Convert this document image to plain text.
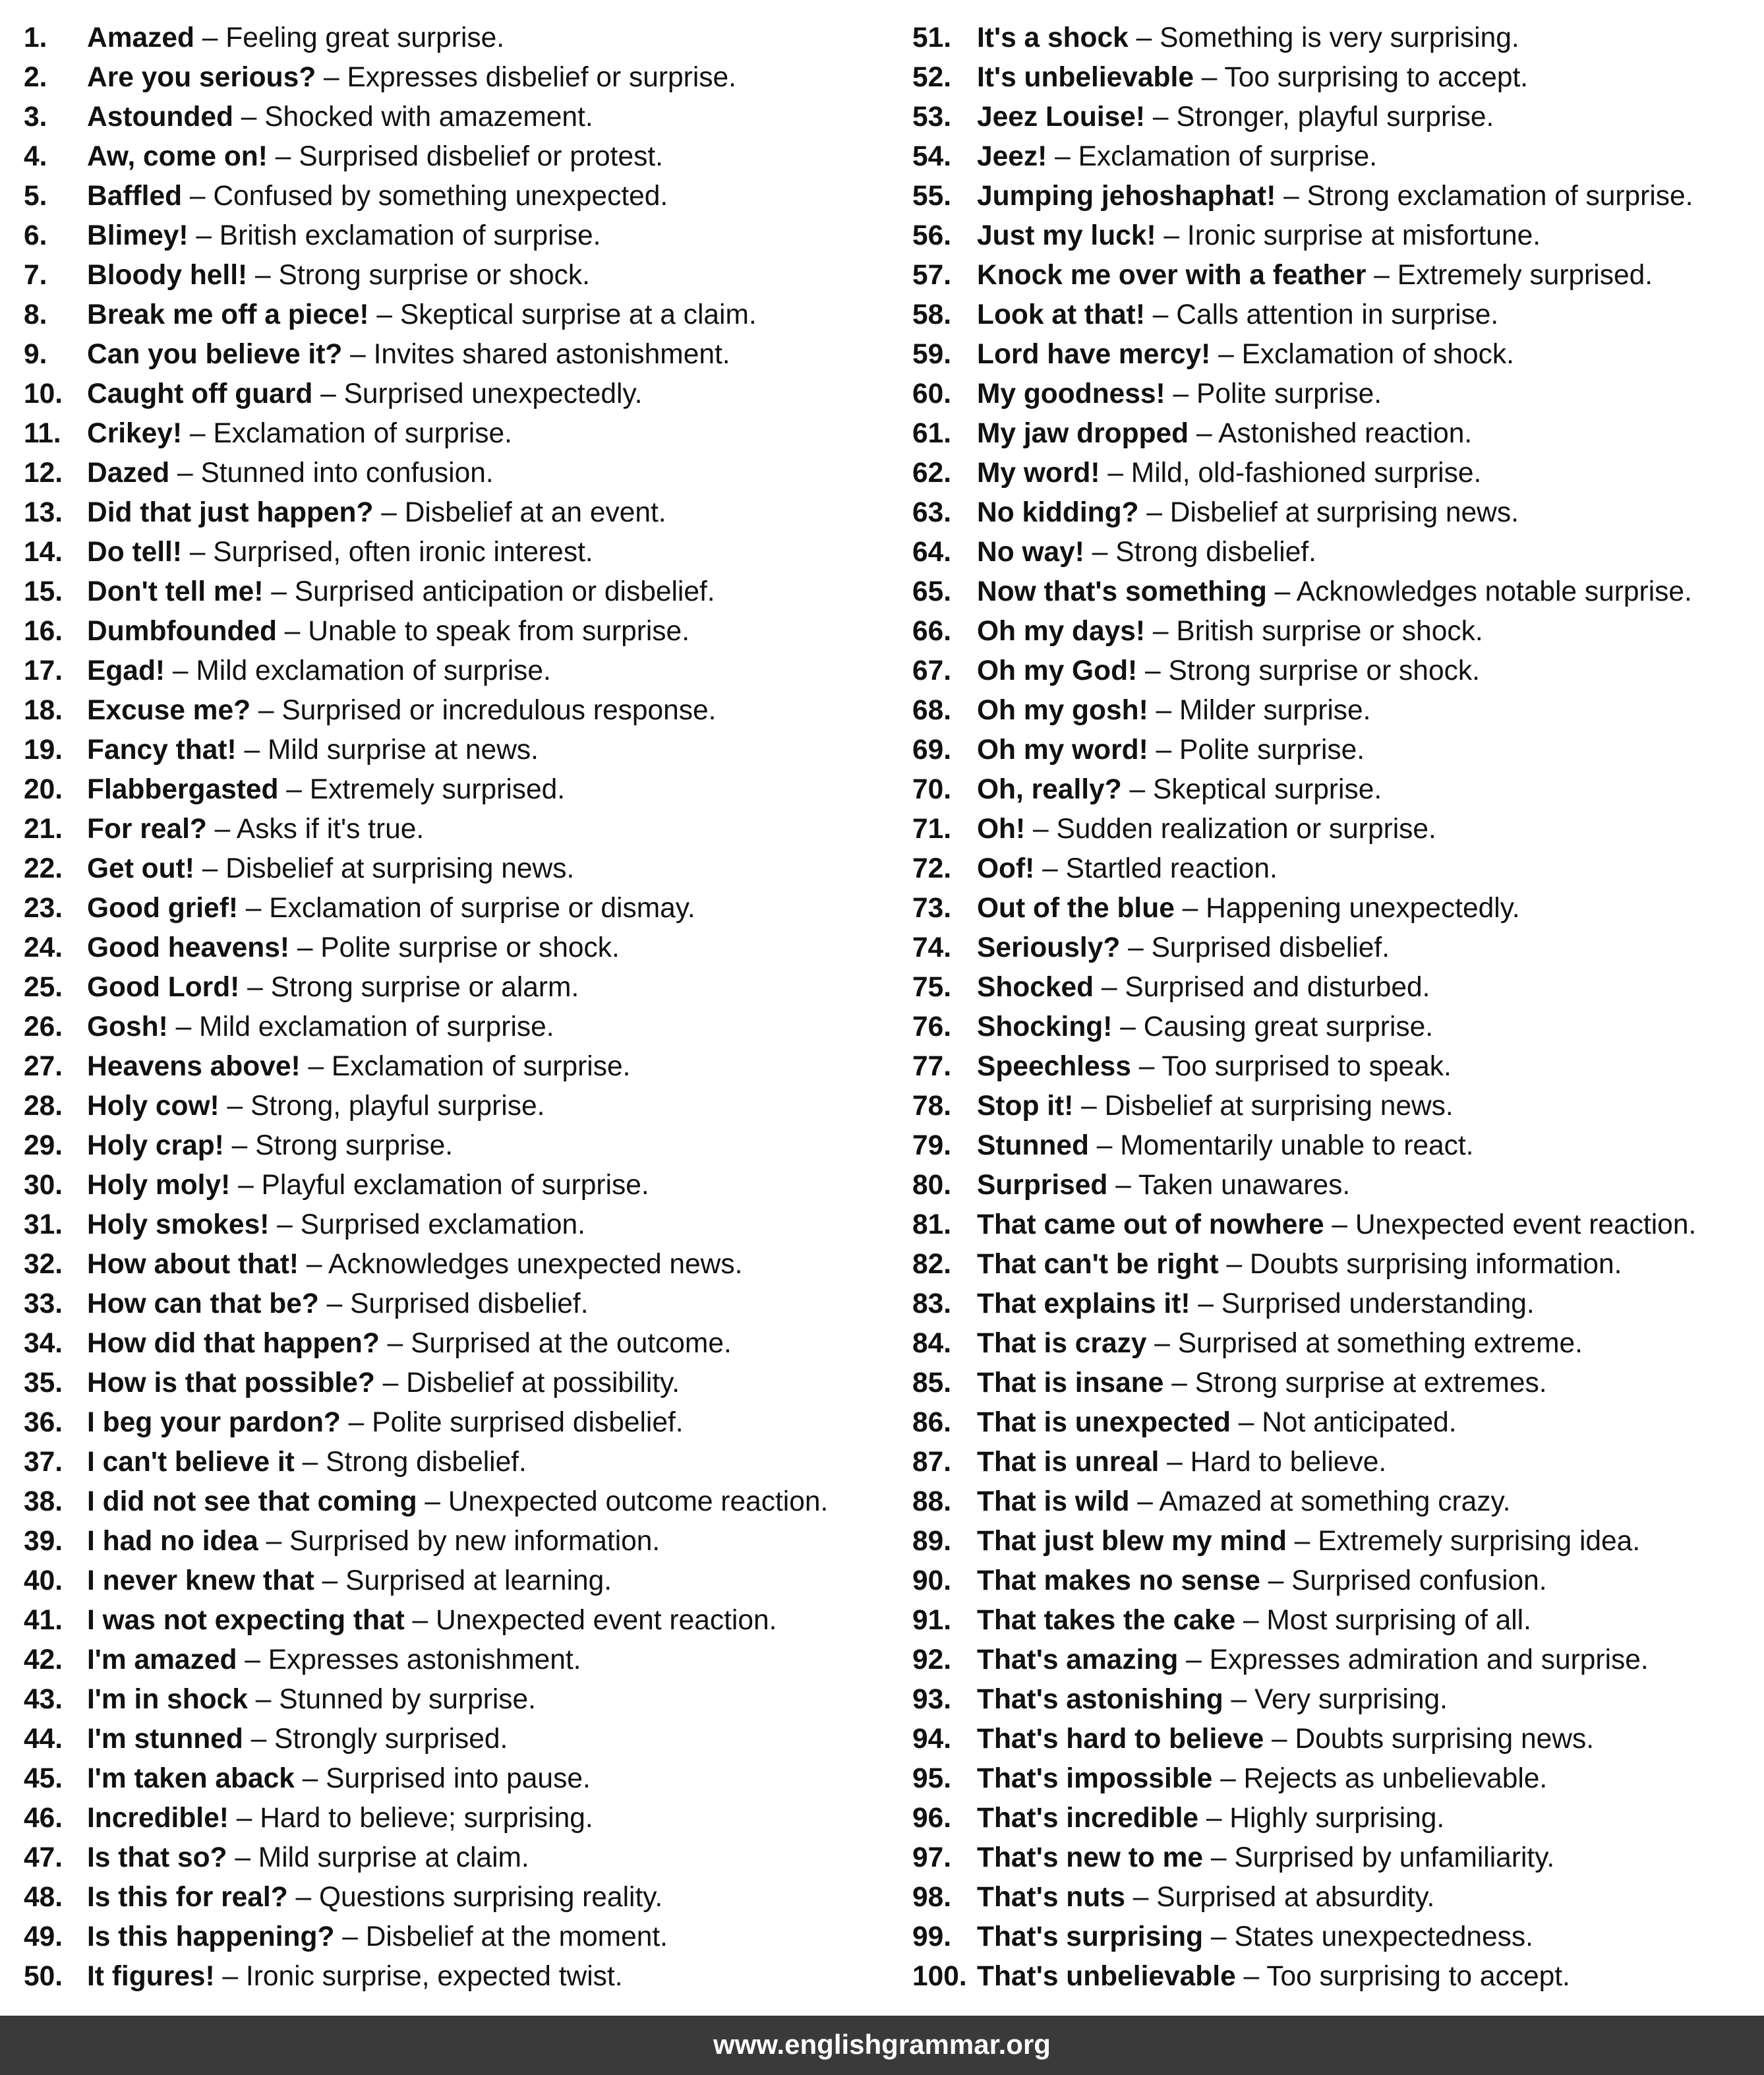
1.	Amazed – Feeling great surprise.
2.	Are you serious? – Expresses disbelief or surprise.
3.	Astounded – Shocked with amazement.
4.	Aw, come on! – Surprised disbelief or protest.
5.	Baffled – Confused by something unexpected.
6.	Blimey! – British exclamation of surprise.
7.	Bloody hell! – Strong surprise or shock.
8.	Break me off a piece! – Skeptical surprise at a claim.
9.	Can you believe it? – Invites shared astonishment.
10. Caught off guard – Surprised unexpectedly.
11. Crikey! – Exclamation of surprise.
12. Dazed – Stunned into confusion.
13. Did that just happen? – Disbelief at an event.
14. Do tell! – Surprised, often ironic interest.
15. Don't tell me! – Surprised anticipation or disbelief.
16. Dumbfounded – Unable to speak from surprise.
17. Egad! – Mild exclamation of surprise.
18. Excuse me? – Surprised or incredulous response.
19. Fancy that! – Mild surprise at news.
20. Flabbergasted – Extremely surprised.
21. For real? – Asks if it's true.
22. Get out! – Disbelief at surprising news.
23. Good grief! – Exclamation of surprise or dismay.
24. Good heavens! – Polite surprise or shock.
25. Good Lord! – Strong surprise or alarm.
26. Gosh! – Mild exclamation of surprise.
27. Heavens above! – Exclamation of surprise.
28. Holy cow! – Strong, playful surprise.
29. Holy crap! – Strong surprise.
30. Holy moly! – Playful exclamation of surprise.
31. Holy smokes! – Surprised exclamation.
32. How about that! – Acknowledges unexpected news.
33. How can that be? – Surprised disbelief.
34. How did that happen? – Surprised at the outcome.
35. How is that possible? – Disbelief at possibility.
36. I beg your pardon? – Polite surprised disbelief.
37. I can't believe it – Strong disbelief.
38. I did not see that coming – Unexpected outcome reaction.
39. I had no idea – Surprised by new information.
40. I never knew that – Surprised at learning.
41. I was not expecting that – Unexpected event reaction.
42. I'm amazed – Expresses astonishment.
43. I'm in shock – Stunned by surprise.
44. I'm stunned – Strongly surprised.
45. I'm taken aback – Surprised into pause.
46. Incredible! – Hard to believe; surprising.
47. Is that so? – Mild surprise at claim.
48. Is this for real? – Questions surprising reality.
49. Is this happening? – Disbelief at the moment.
50. It figures! – Ironic surprise, expected twist.
51. It's a shock – Something is very surprising.
52. It's unbelievable – Too surprising to accept.
53. Jeez Louise! – Stronger, playful surprise.
54. Jeez! – Exclamation of surprise.
55. Jumping jehoshaphat! – Strong exclamation of surprise.
56. Just my luck! – Ironic surprise at misfortune.
57. Knock me over with a feather – Extremely surprised.
58. Look at that! – Calls attention in surprise.
59. Lord have mercy! – Exclamation of shock.
60. My goodness! – Polite surprise.
61. My jaw dropped – Astonished reaction.
62. My word! – Mild, old-fashioned surprise.
63. No kidding? – Disbelief at surprising news.
64. No way! – Strong disbelief.
65. Now that's something – Acknowledges notable surprise.
66. Oh my days! – British surprise or shock.
67. Oh my God! – Strong surprise or shock.
68. Oh my gosh! – Milder surprise.
69. Oh my word! – Polite surprise.
70. Oh, really? – Skeptical surprise.
71. Oh! – Sudden realization or surprise.
72. Oof! – Startled reaction.
73. Out of the blue – Happening unexpectedly.
74. Seriously? – Surprised disbelief.
75. Shocked – Surprised and disturbed.
76. Shocking! – Causing great surprise.
77. Speechless – Too surprised to speak.
78. Stop it! – Disbelief at surprising news.
79. Stunned – Momentarily unable to react.
80. Surprised – Taken unawares.
81. That came out of nowhere – Unexpected event reaction.
82. That can't be right – Doubts surprising information.
83. That explains it! – Surprised understanding.
84. That is crazy – Surprised at something extreme.
85. That is insane – Strong surprise at extremes.
86. That is unexpected – Not anticipated.
87. That is unreal – Hard to believe.
88. That is wild – Amazed at something crazy.
89. That just blew my mind – Extremely surprising idea.
90. That makes no sense – Surprised confusion.
91. That takes the cake – Most surprising of all.
92. That's amazing – Expresses admiration and surprise.
93. That's astonishing – Very surprising.
94. That's hard to believe – Doubts surprising news.
95. That's impossible – Rejects as unbelievable.
96. That's incredible – Highly surprising.
97. That's new to me – Surprised by unfamiliarity.
98. That's nuts – Surprised at absurdity.
99. That's surprising – States unexpectedness.
100. That's unbelievable – Too surprising to accept.
www.englishgrammar.org
